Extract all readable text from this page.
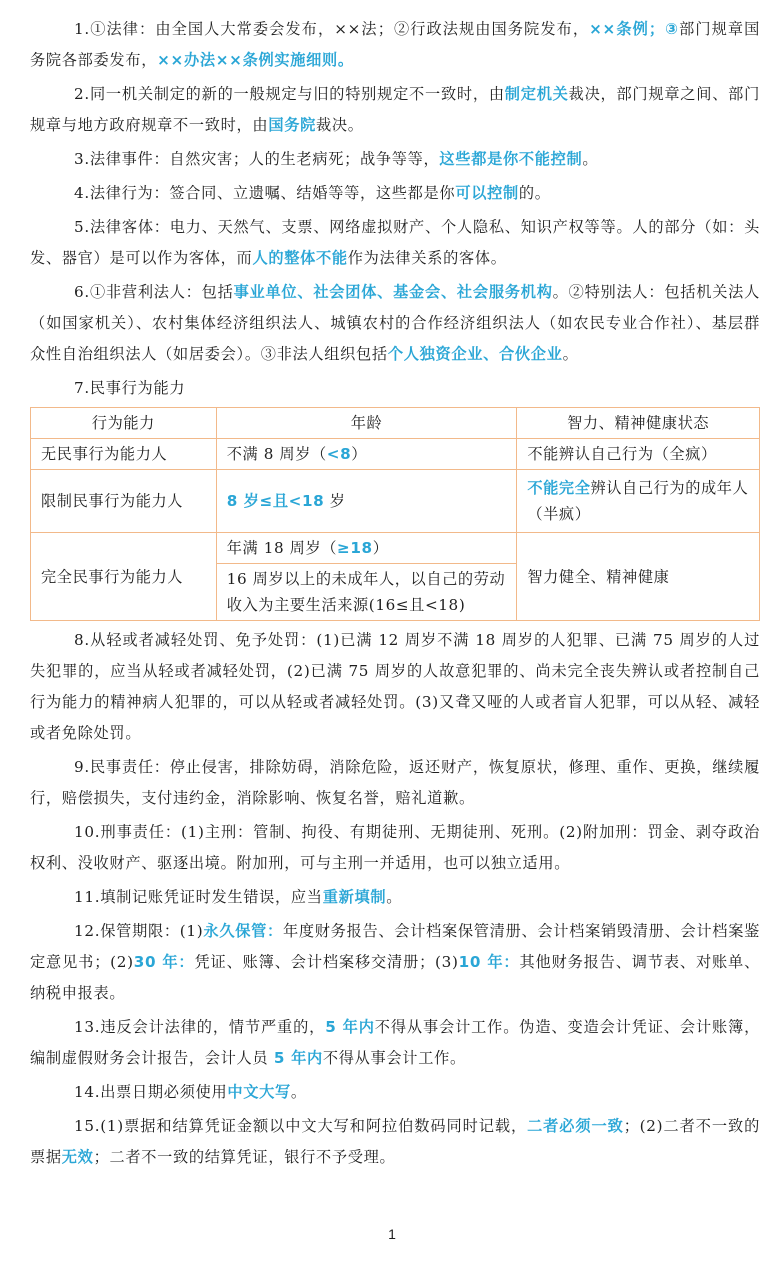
1.①法律：由全国人大常委会发布，××法；②行政法规由国务院发布，××条例；③部门规章国务院各部委发布，××办法××条例实施细则。

2.同一机关制定的新的一般规定与旧的特别规定不一致时，由制定机关裁决，部门规章之间、部门规章与地方政府规章不一致时，由国务院裁决。

3.法律事件：自然灾害；人的生老病死；战争等等，这些都是你不能控制。

4.法律行为：签合同、立遗嘱、结婚等等，这些都是你可以控制的。

5.法律客体：电力、天然气、支票、网络虚拟财产、个人隐私、知识产权等等。人的部分（如：头发、器官）是可以作为客体，而人的整体不能作为法律关系的客体。

6.①非营利法人：包括事业单位、社会团体、基金会、社会服务机构。②特别法人：包括机关法人（如国家机关）、农村集体经济组织法人、城镇农村的合作经济组织法人（如农民专业合作社）、基层群众性自治组织法人（如居委会）。③非法人组织包括个人独资企业、合伙企业。

7.民事行为能力

行为能力	年龄	智力、精神健康状态
无民事行为能力人	不满 8 周岁（<8）	不能辨认自己行为（全疯）
限制民事行为能力人	8 岁≤且<18 岁	不能完全辨认自己行为的成年人（半疯）
完全民事行为能力人	年满 18 周岁（≥18）	智力健全、精神健康
	16 周岁以上的未成年人，以自己的劳动收入为主要生活来源(16≤且<18)	

8.从轻或者减轻处罚、免予处罚：(1)已满 12 周岁不满 18 周岁的人犯罪、已满 75 周岁的人过失犯罪的，应当从轻或者减轻处罚，(2)已满 75 周岁的人故意犯罪的、尚未完全丧失辨认或者控制自己行为能力的精神病人犯罪的，可以从轻或者减轻处罚。(3)又聋又哑的人或者盲人犯罪，可以从轻、减轻或者免除处罚。

9.民事责任：停止侵害，排除妨碍，消除危险，返还财产，恢复原状，修理、重作、更换，继续履行，赔偿损失，支付违约金，消除影响、恢复名誉，赔礼道歉。

10.刑事责任：(1)主刑：管制、拘役、有期徒刑、无期徒刑、死刑。(2)附加刑：罚金、剥夺政治权利、没收财产、驱逐出境。附加刑，可与主刑一并适用，也可以独立适用。

11.填制记账凭证时发生错误，应当重新填制。

12.保管期限：(1)永久保管：年度财务报告、会计档案保管清册、会计档案销毁清册、会计档案鉴定意见书；(2)30 年：凭证、账簿、会计档案移交清册；(3)10 年：其他财务报告、调节表、对账单、纳税申报表。

13.违反会计法律的，情节严重的，5 年内不得从事会计工作。伪造、变造会计凭证、会计账簿，编制虚假财务会计报告，会计人员 5 年内不得从事会计工作。

14.出票日期必须使用中文大写。

15.(1)票据和结算凭证金额以中文大写和阿拉伯数码同时记载，二者必须一致；(2)二者不一致的票据无效；二者不一致的结算凭证，银行不予受理。

1
